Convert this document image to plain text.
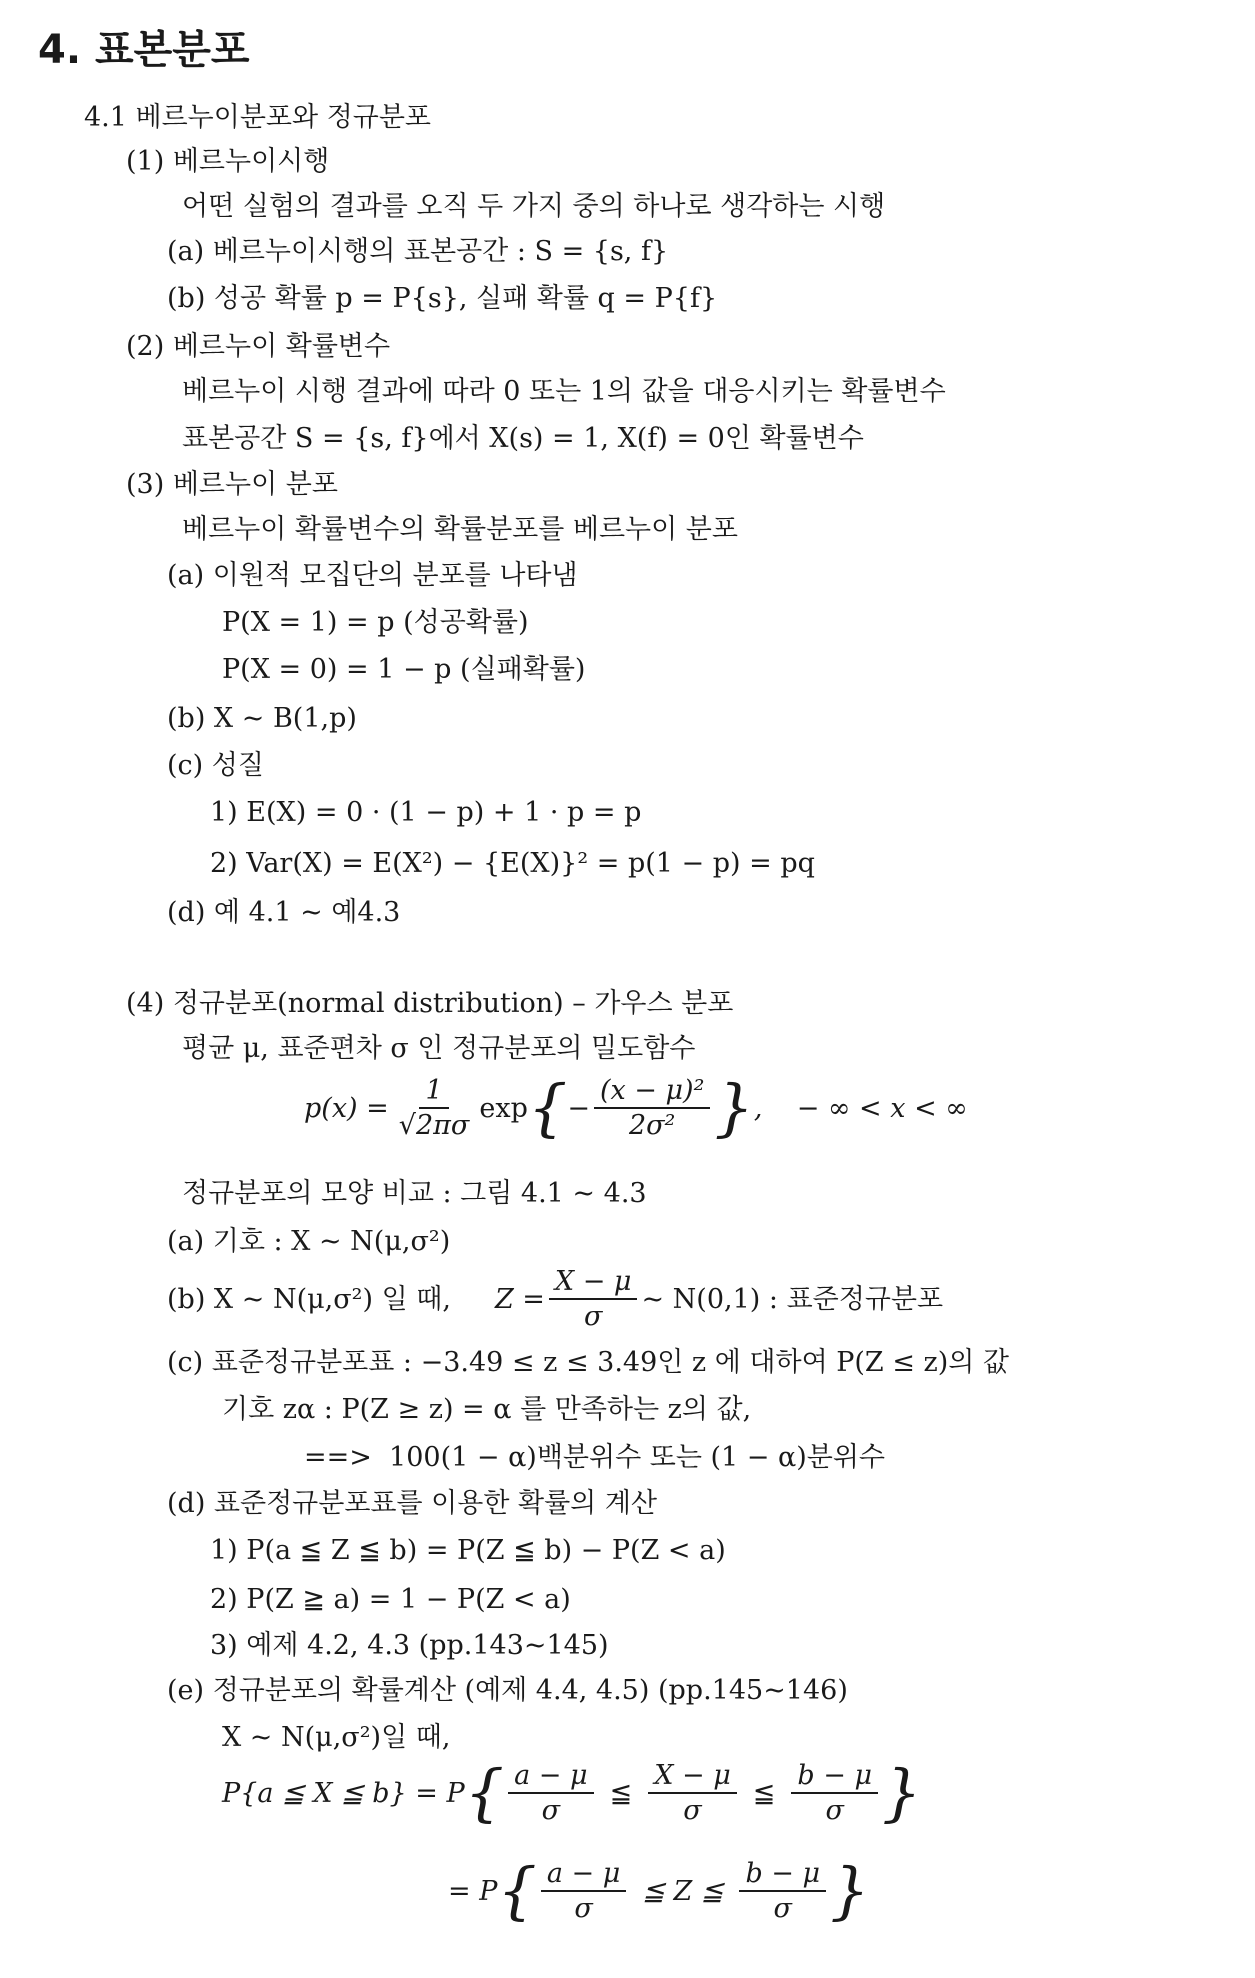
4. 표본분포
4.1 베르누이분포와 정규분포
(1) 베르누이시행
어떤 실험의 결과를 오직 두 가지 중의 하나로 생각하는 시행
(a) 베르누이시행의 표본공간 : S = {s, f}
(b) 성공 확률 p = P{s}, 실패 확률 q = P{f}
(2) 베르누이 확률변수
베르누이 시행 결과에 따라 0 또는 1의 값을 대응시키는 확률변수
표본공간 S = {s, f}에서 X(s) = 1, X(f) = 0인 확률변수
(3) 베르누이 분포
베르누이 확률변수의 확률분포를 베르누이 분포
(a) 이원적 모집단의 분포를 나타냄
P(X = 1) = p (성공확률)
P(X = 0) = 1 − p (실패확률)
(b) X ~ B(1,p)
(c) 성질
1) E(X) = 0 · (1 − p) + 1 · p = p
2) Var(X) = E(X²) − {E(X)}² = p(1 − p) = pq
(d) 예 4.1 ~ 예4.3
(4) 정규분포(normal distribution) – 가우스 분포
평균 μ, 표준편차 σ 인 정규분포의 밀도함수
$p(x) = \frac{1}{√2\pi\sigma}$ exp { − $\frac{\text{(x − μ)²}}{\text{2σ²}}$ } ,    − ∞ < x < ∞
정규분포의 모양 비교 : 그림 4.1 ~ 4.3
(a) 기호 : X ~ N(μ,σ²)
(b) X ~ N(μ,σ²) 일 때, $Z = \frac{X - \mu}{\sigma}$ ~ N(0,1) : 표준정규분포
(c) 표준정규분포표 : −3.49 ≤ z ≤ 3.49인 z 에 대하여 P(Z ≤ z)의 값
기호 zα : P(Z ≥ z) = α 를 만족하는 z의 값,
==>  100(1 − α)백분위수 또는 (1 − α)분위수
(d) 표준정규분포표를 이용한 확률의 계산
1) P(a ≦ Z ≦ b) = P(Z ≦ b) − P(Z < a)
2) P(Z ≧ a) = 1 − P(Z < a)
3) 예제 4.2, 4.3 (pp.143~145)
(e) 정규분포의 확률계산 (예제 4.4, 4.5) (pp.145~146)
X ~ N(μ,σ²)일 때,
P{a ≦ X ≦ b} = P { $\frac{a - \mu}{\sigma}$ ≦ $\frac{X - \mu}{\sigma}$ ≦ $\frac{b - \mu}{\sigma}$ }
= P { $\frac{a - \mu}{\sigma}$ ≦ Z ≦ $\frac{b - \mu}{\sigma}$ }
